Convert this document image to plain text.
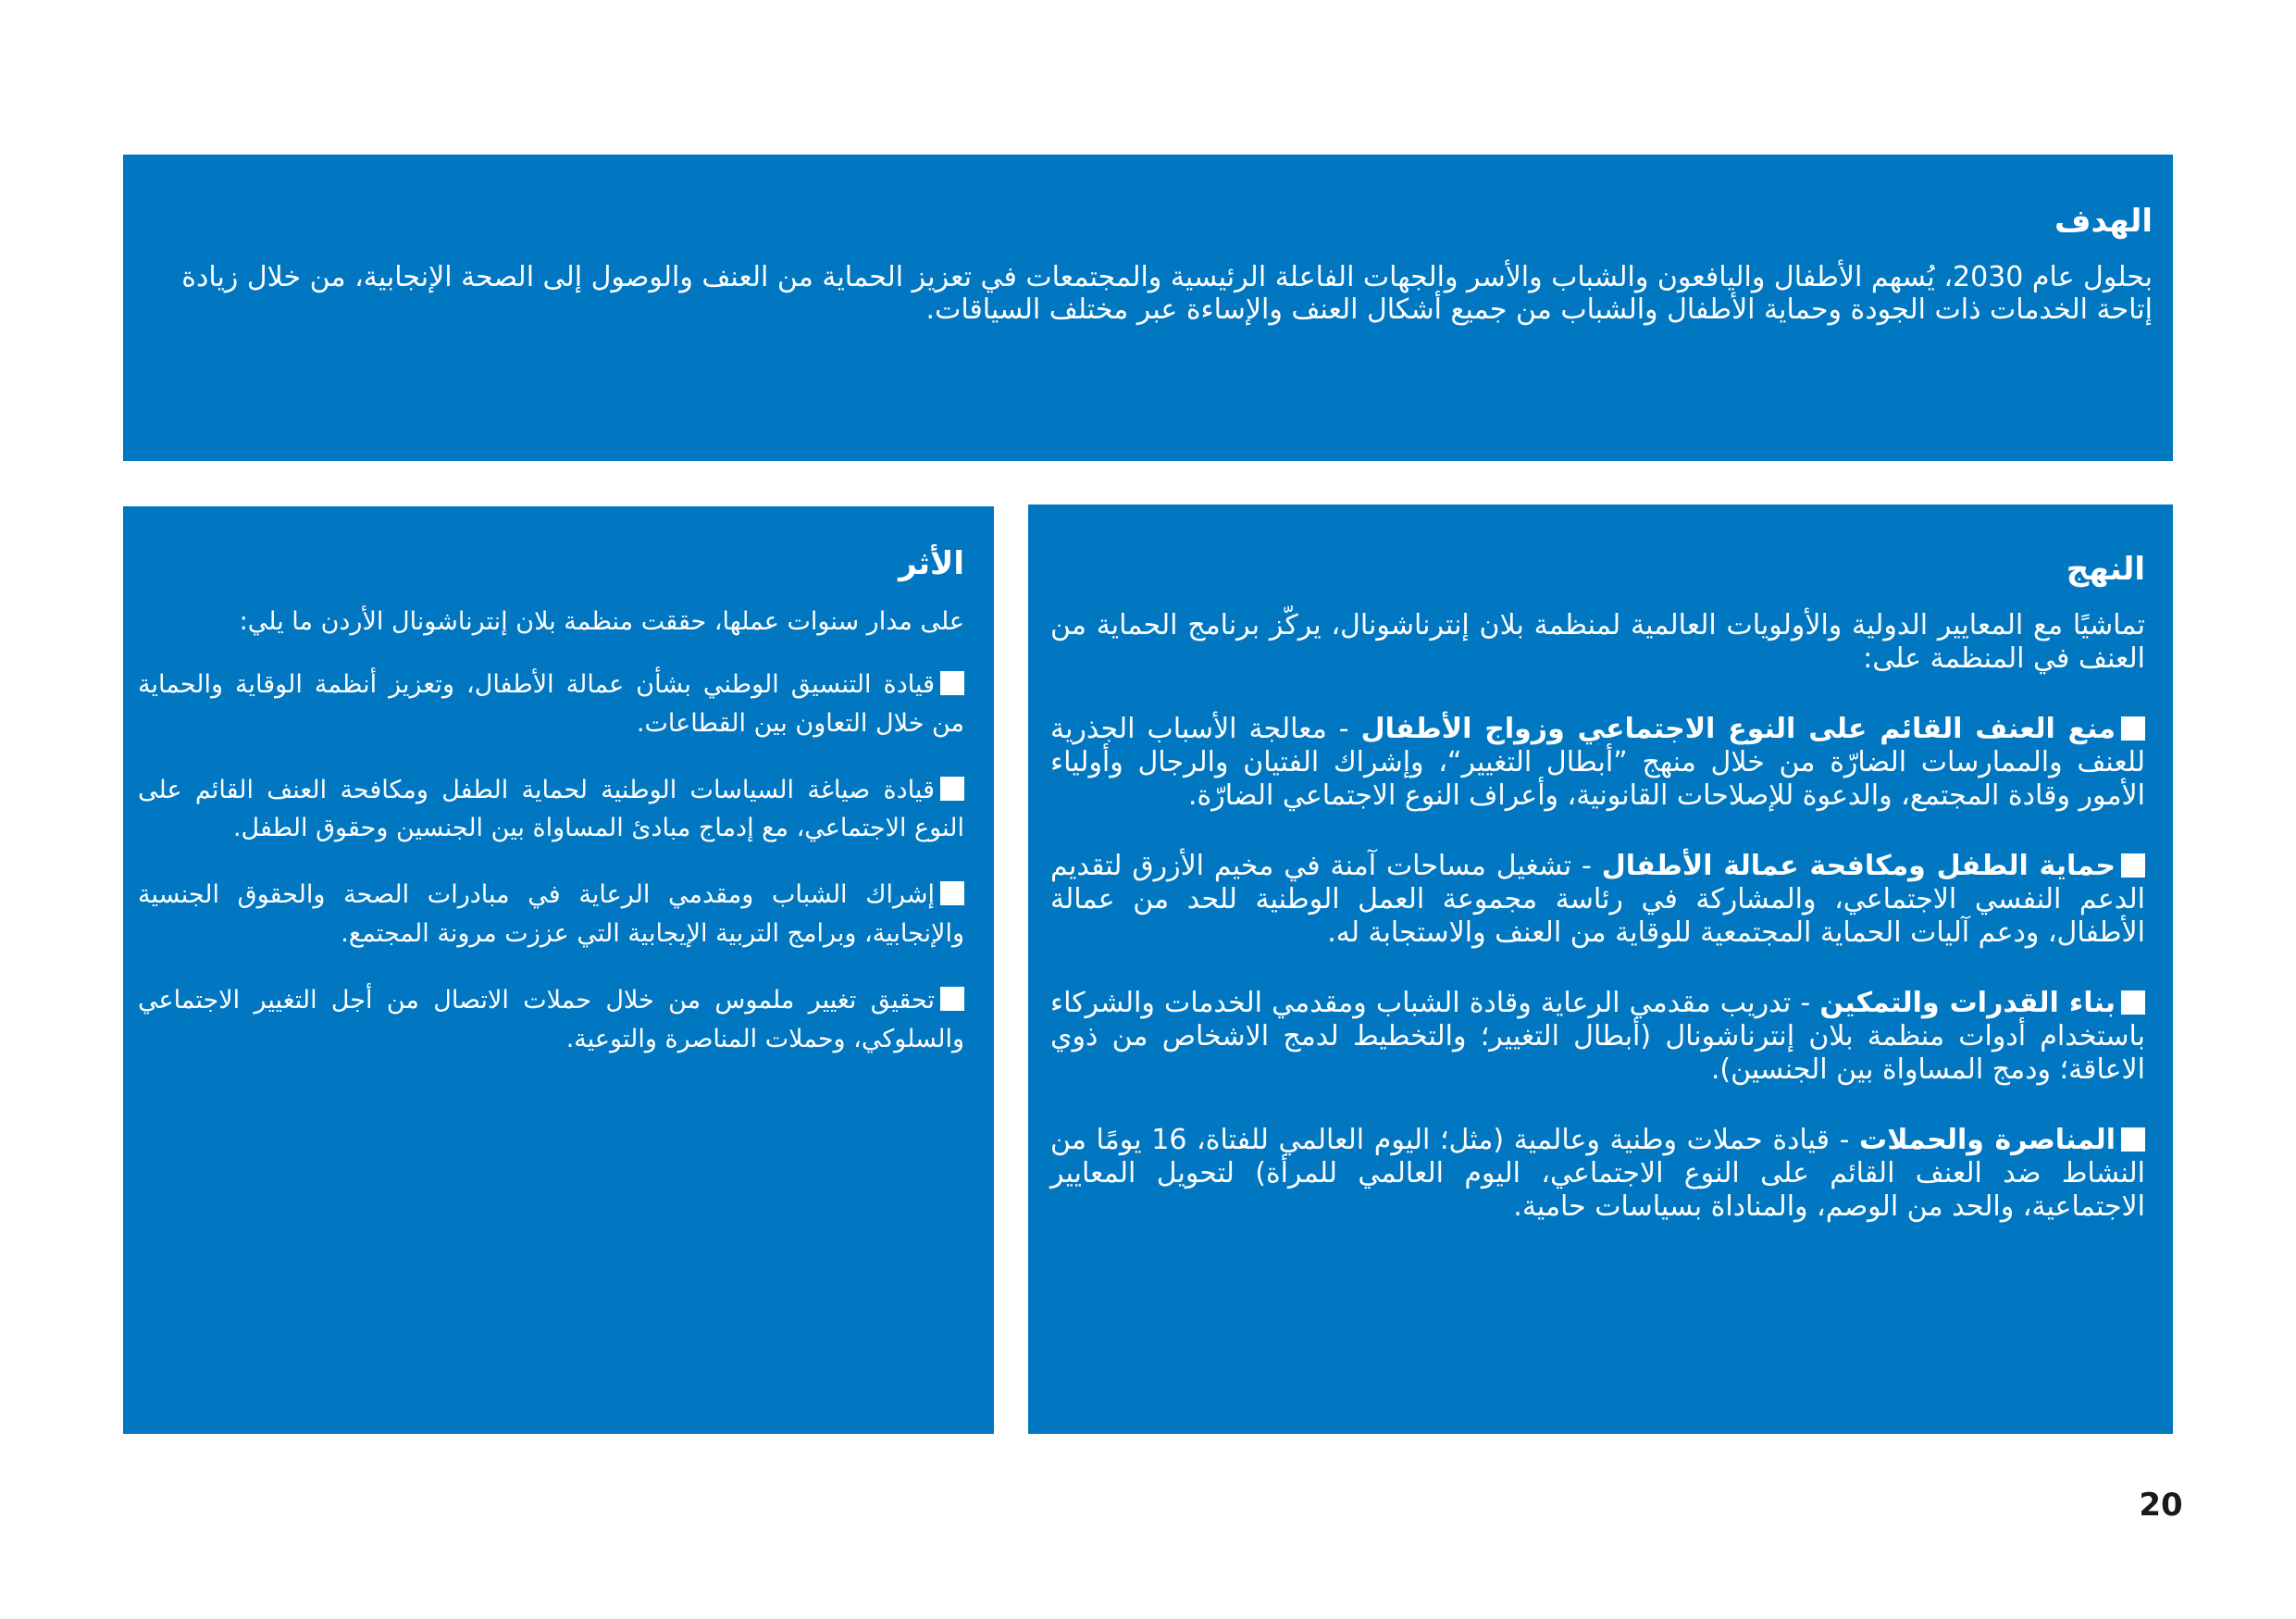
الهدف

بحلول عام 2030، يُسهم الأطفال واليافعون والشباب والأسر والجهات الفاعلة الرئيسية والمجتمعات في تعزيز الحماية من العنف والوصول إلى الصحة الإنجابية، من خلال زيادة إتاحة الخدمات ذات الجودة وحماية الأطفال والشباب من جميع أشكال العنف والإساءة عبر مختلف السياقات.

النهج

تماشيًا مع المعايير الدولية والأولويات العالمية لمنظمة بلان إنترناشونال، يركّز برنامج الحماية من العنف في المنظمة على:

منع العنف القائم على النوع الاجتماعي وزواج الأطفال - معالجة الأسباب الجذرية للعنف والممارسات الضارّة من خلال منهج ”أبطال التغيير“، وإشراك الفتيان والرجال وأولياء الأمور وقادة المجتمع، والدعوة للإصلاحات القانونية، وأعراف النوع الاجتماعي الضارّة.

حماية الطفل ومكافحة عمالة الأطفال - تشغيل مساحات آمنة في مخيم الأزرق لتقديم الدعم النفسي الاجتماعي، والمشاركة في رئاسة مجموعة العمل الوطنية للحد من عمالة الأطفال، ودعم آليات الحماية المجتمعية للوقاية من العنف والاستجابة له.

بناء القدرات والتمكين - تدريب مقدمي الرعاية وقادة الشباب ومقدمي الخدمات والشركاء باستخدام أدوات منظمة بلان إنترناشونال (أبطال التغيير؛ والتخطيط لدمج الاشخاص من ذوي الاعاقة؛ ودمج المساواة بين الجنسين).

المناصرة والحملات - قيادة حملات وطنية وعالمية (مثل؛ اليوم العالمي للفتاة، 16 يومًا من النشاط ضد العنف القائم على النوع الاجتماعي، اليوم العالمي للمرأة) لتحويل المعايير الاجتماعية، والحد من الوصم، والمناداة بسياسات حامية.

الأثر

على مدار سنوات عملها، حققت منظمة بلان إنترناشونال الأردن ما يلي:

قيادة التنسيق الوطني بشأن عمالة الأطفال، وتعزيز أنظمة الوقاية والحماية من خلال التعاون بين القطاعات.

قيادة صياغة السياسات الوطنية لحماية الطفل ومكافحة العنف القائم على النوع الاجتماعي، مع إدماج مبادئ المساواة بين الجنسين وحقوق الطفل.

إشراك الشباب ومقدمي الرعاية في مبادرات الصحة والحقوق الجنسية والإنجابية، وبرامج التربية الإيجابية التي عززت مرونة المجتمع.

تحقيق تغيير ملموس من خلال حملات الاتصال من أجل التغيير الاجتماعي والسلوكي، وحملات المناصرة والتوعية.

20
